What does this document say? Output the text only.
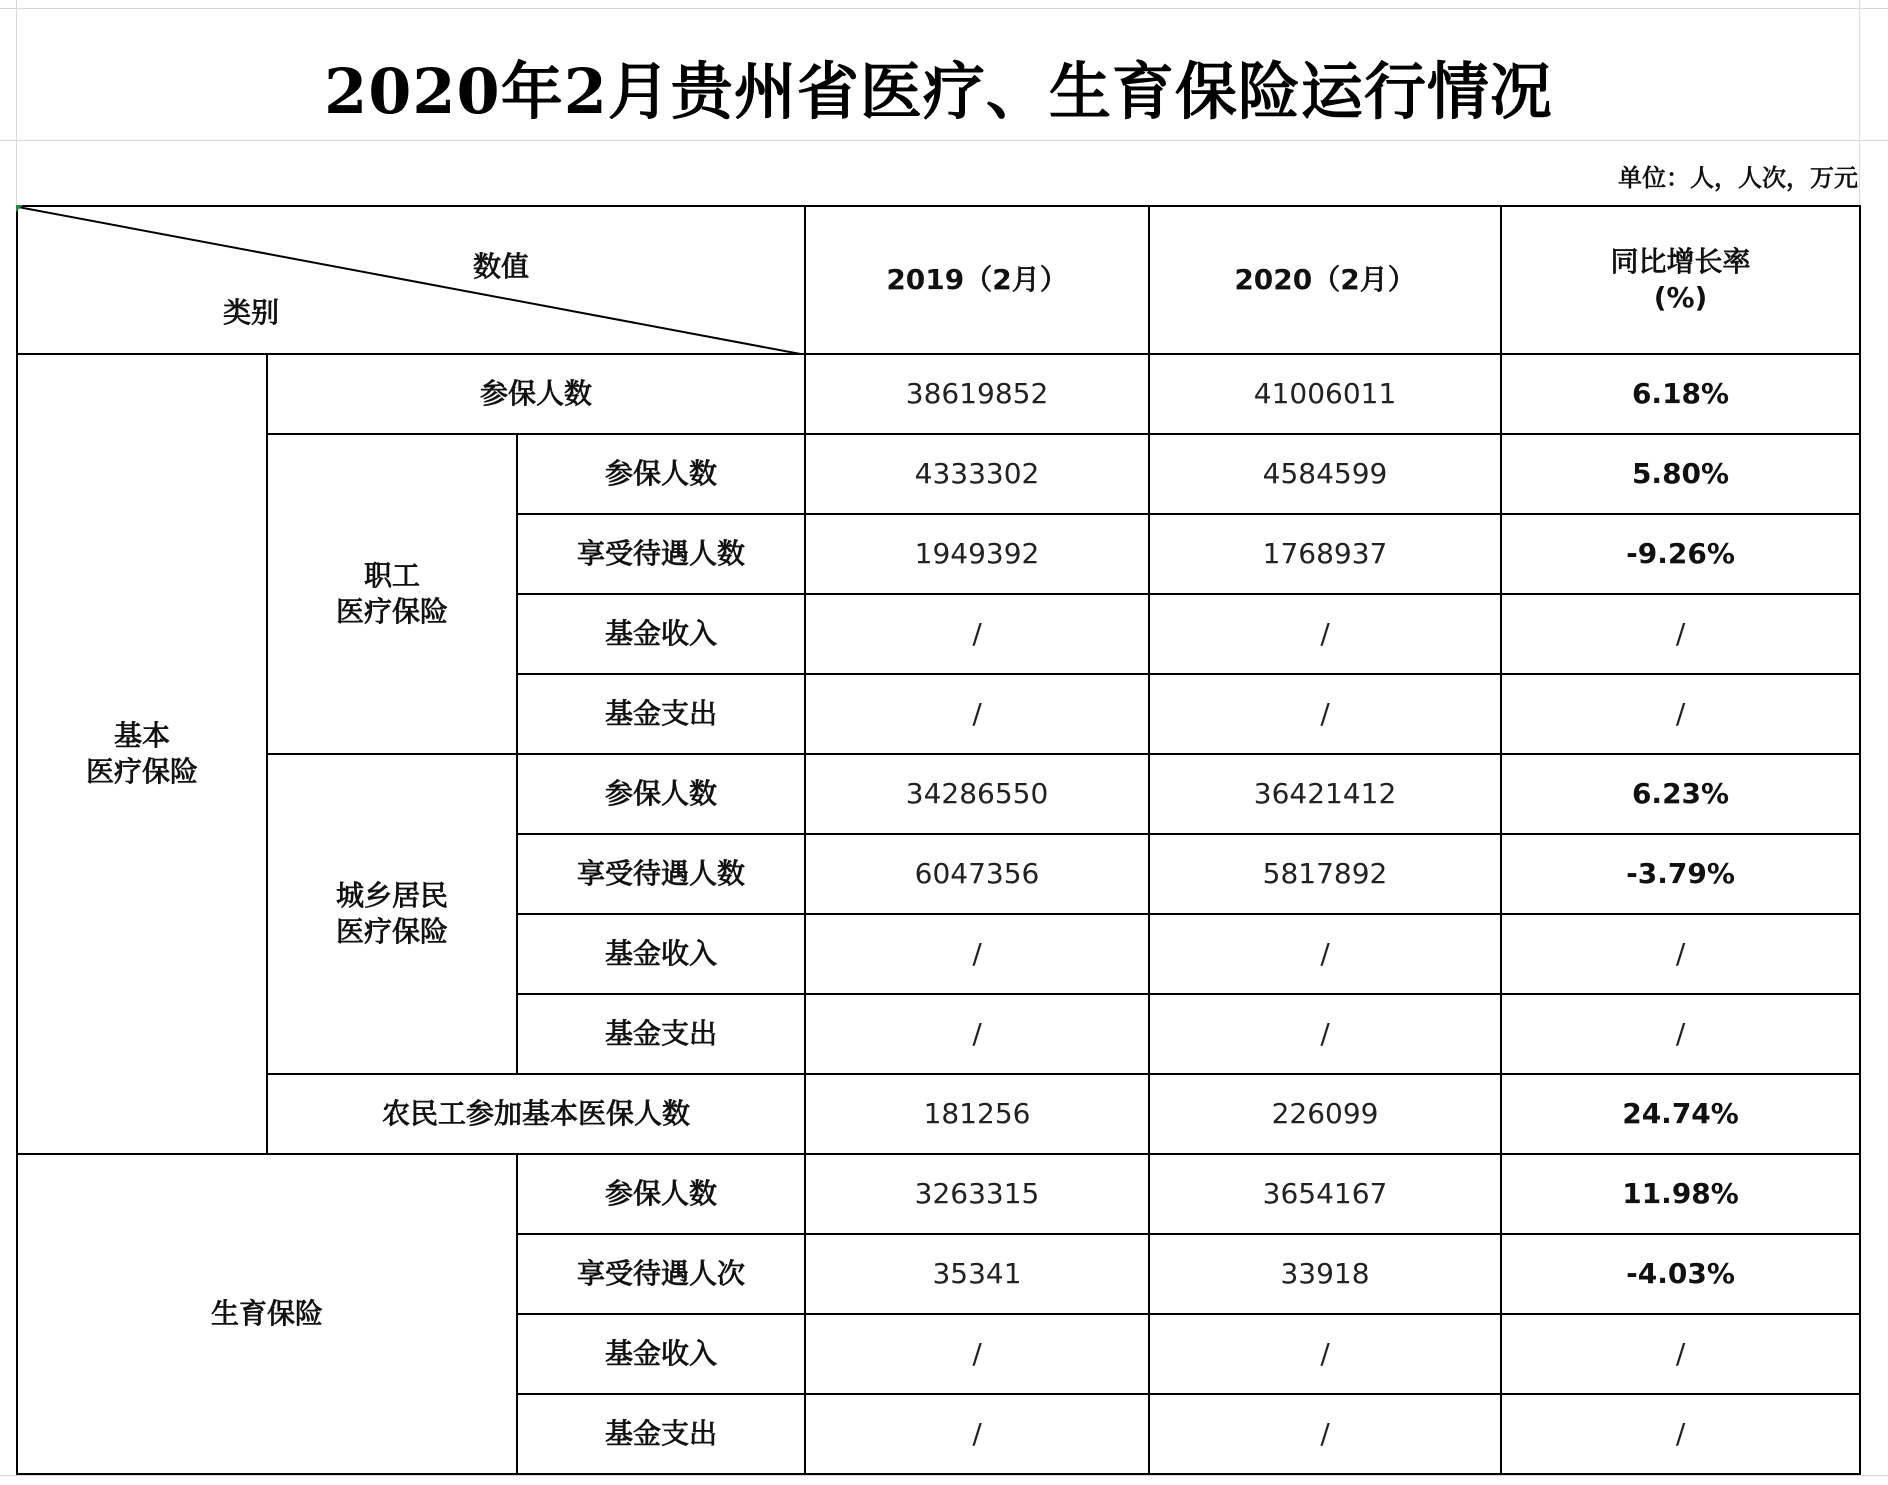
2020年2月贵州省医疗、生育保险运行情况
单位：人，人次，万元
数值
类别			2019（2月）	2020（2月）	同比增长率
(%)

基本
医疗保险	参保人数		38619852	41006011	6.18%

	职工
医疗保险	参保人数	4333302	4584599	5.80%
		享受待遇人数	1949392	1768937	-9.26%
		基金收入	/	/	/
		基金支出	/	/	/

	城乡居民
医疗保险	参保人数	34286550	36421412	6.23%
		享受待遇人数	6047356	5817892	-3.79%
		基金收入	/	/	/
		基金支出	/	/	/
	农民工参加基本医保人数		181256	226099	24.74%
生育保险		参保人数	3263315	3654167	11.98%
		享受待遇人次	35341	33918	-4.03%
		基金收入	/	/	/
		基金支出	/	/	/
